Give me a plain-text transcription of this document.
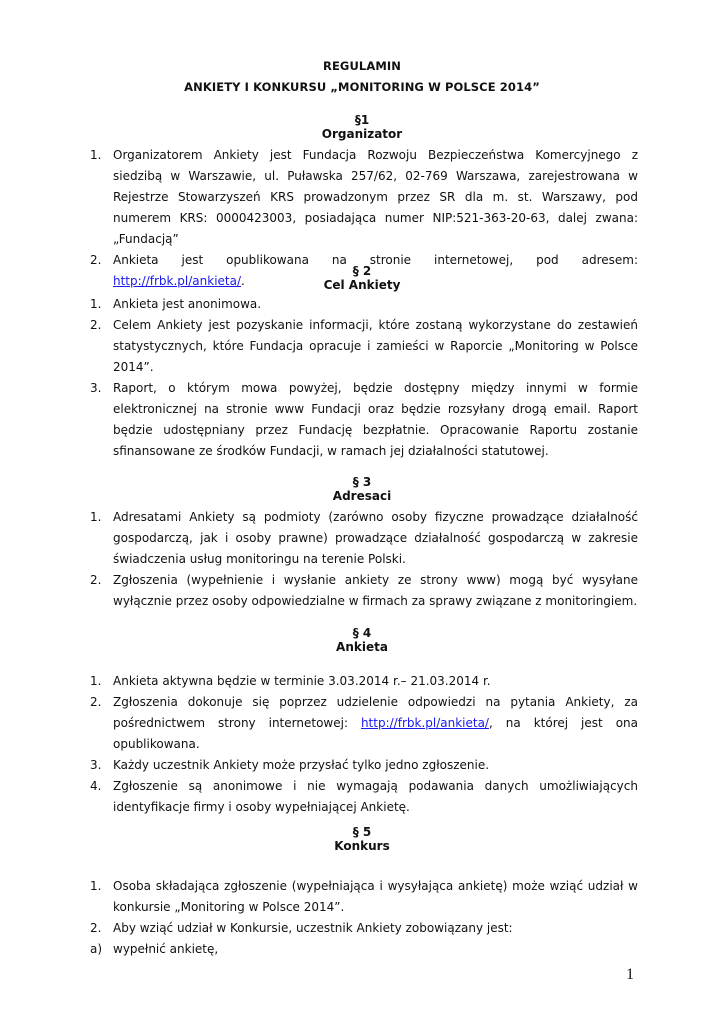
REGULAMIN
ANKIETY I KONKURSU „MONITORING W POLSCE 2014”
§1
Organizator
1. Organizatorem Ankiety jest Fundacja Rozwoju Bezpieczeństwa Komercyjnego z siedzibą w Warszawie, ul. Puławska 257/62, 02-769 Warszawa, zarejestrowana w Rejestrze Stowarzyszeń KRS prowadzonym przez SR dla m. st. Warszawy, pod numerem KRS: 0000423003, posiadająca numer NIP:521-363-20-63, dalej zwana: „Fundacją”
2. Ankieta jest opublikowana na stronie internetowej, pod adresem: http://frbk.pl/ankieta/.
§ 2
Cel Ankiety
1. Ankieta jest anonimowa.
2. Celem Ankiety jest pozyskanie informacji, które zostaną wykorzystane do zestawień statystycznych, które Fundacja opracuje i zamieści w Raporcie „Monitoring w Polsce 2014”.
3. Raport, o którym mowa powyżej, będzie dostępny między innymi w formie elektronicznej na stronie www Fundacji oraz będzie rozsyłany drogą email. Raport będzie udostępniany przez Fundację bezpłatnie. Opracowanie Raportu zostanie sfinansowane ze środków Fundacji, w ramach jej działalności statutowej.
§ 3
Adresaci
1. Adresatami Ankiety są podmioty (zarówno osoby fizyczne prowadzące działalność gospodarczą, jak i osoby prawne) prowadzące działalność gospodarczą w zakresie świadczenia usług monitoringu na terenie Polski.
2. Zgłoszenia (wypełnienie i wysłanie ankiety ze strony www) mogą być wysyłane wyłącznie przez osoby odpowiedzialne w firmach za sprawy związane z monitoringiem.
§ 4
Ankieta
1. Ankieta aktywna będzie w terminie 3.03.2014 r.– 21.03.2014 r.
2. Zgłoszenia dokonuje się poprzez udzielenie odpowiedzi na pytania Ankiety, za pośrednictwem strony internetowej: http://frbk.pl/ankieta/, na której jest ona opublikowana.
3. Każdy uczestnik Ankiety może przysłać tylko jedno zgłoszenie.
4. Zgłoszenie są anonimowe i nie wymagają podawania danych umożliwiających identyfikacje firmy i osoby wypełniającej Ankietę.
§ 5
Konkurs
1. Osoba składająca zgłoszenie (wypełniająca i wysyłająca ankietę) może wziąć udział w konkursie „Monitoring w Polsce 2014”.
2. Aby wziąć udział w Konkursie, uczestnik Ankiety zobowiązany jest:
a) wypełnić ankietę,
1
